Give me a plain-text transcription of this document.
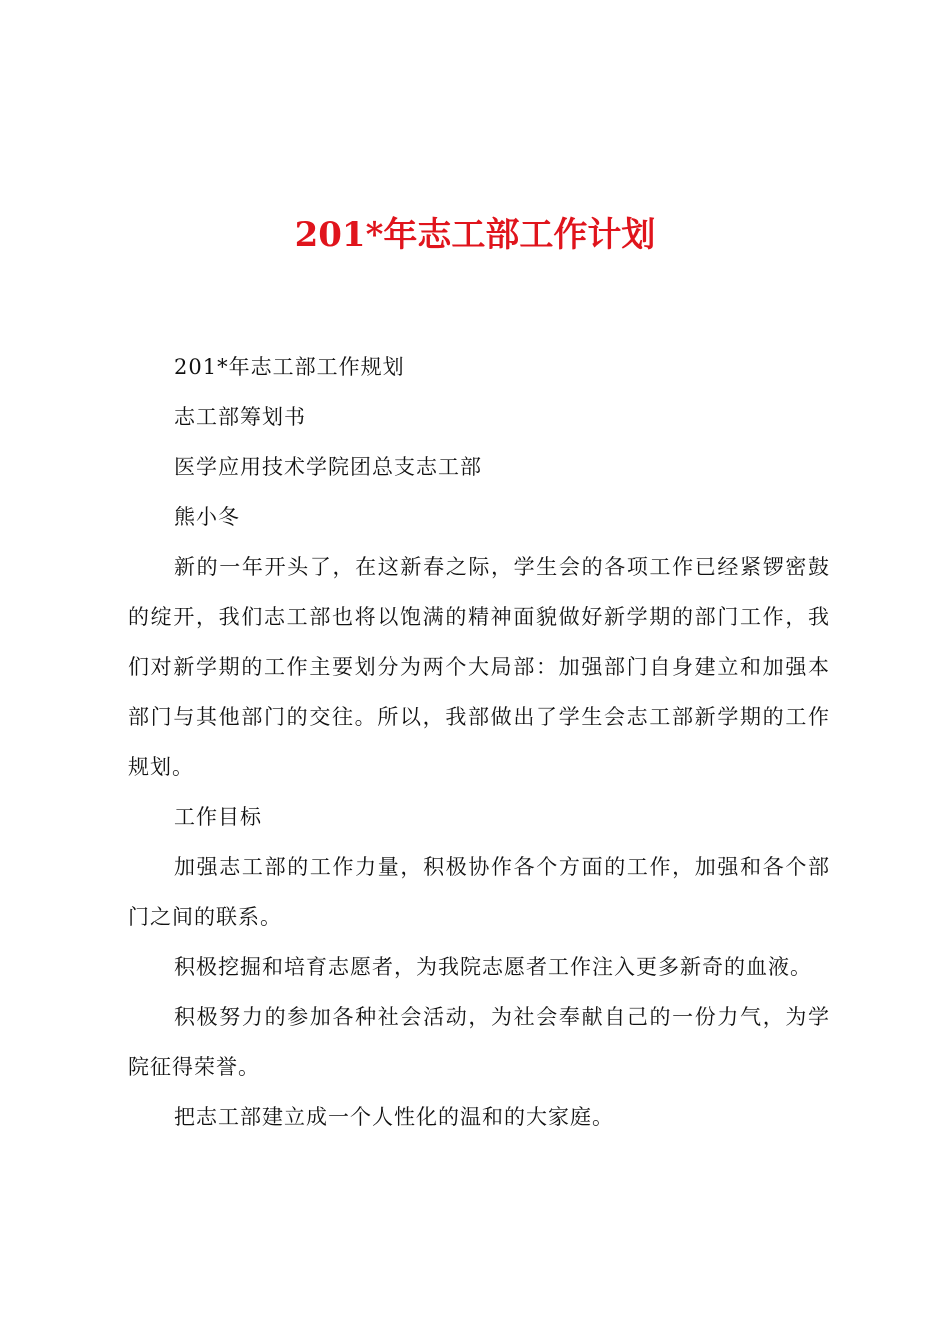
201*年志工部工作计划

201*年志工部工作规划

志工部筹划书

医学应用技术学院团总支志工部

熊小冬

新的一年开头了，在这新春之际，学生会的各项工作已经紧锣密鼓的绽开，我们志工部也将以饱满的精神面貌做好新学期的部门工作，我们对新学期的工作主要划分为两个大局部：加强部门自身建立和加强本部门与其他部门的交往。所以，我部做出了学生会志工部新学期的工作规划。

工作目标

加强志工部的工作力量，积极协作各个方面的工作，加强和各个部门之间的联系。

积极挖掘和培育志愿者，为我院志愿者工作注入更多新奇的血液。

积极努力的参加各种社会活动，为社会奉献自己的一份力气，为学院征得荣誉。

把志工部建立成一个人性化的温和的大家庭。
